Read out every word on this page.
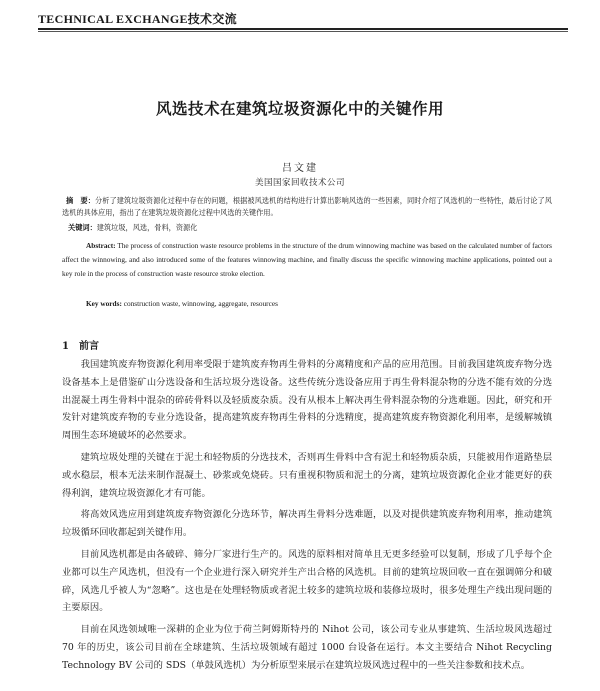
TECHNICAL EXCHANGE技术交流
风选技术在建筑垃圾资源化中的关键作用
吕文建
美国国家回收技术公司
摘　要：分析了建筑垃圾资源化过程中存在的问题，根据被风选机的结构进行计算出影响风选的一些因素，同时介绍了风选机的一些特性，最后讨论了风选机的具体应用，指出了在建筑垃圾资源化过程中风选的关键作用。
关键词：建筑垃圾，风选，骨料，资源化
Abstract: The process of construction waste resource problems in the structure of the drum winnowing machine was based on the calculated number of factors affect the winnowing, and also introduced some of the features winnowing machine, and finally discuss the specific winnowing machine applications, pointed out a key role in the process of construction waste resource stroke election.
Key words: construction waste, winnowing, aggregate, resources
1　前言

我国建筑废弃物资源化利用率受限于建筑废弃物再生骨料的分离精度和产品的应用范围。目前我国建筑废弃物分选设备基本上是借鉴矿山分选设备和生活垃圾分选设备。这些传统分选设备应用于再生骨料混杂物的分选不能有效的分选出混凝土再生骨料中混杂的碎砖骨料以及轻质废杂质。没有从根本上解决再生骨料混杂物的分选难题。因此，研究和开发针对建筑废弃物的专业分选设备，提高建筑废弃物再生骨料的分选精度，提高建筑废弃物资源化利用率，是缓解城镇周围生态环境破坏的必然要求。

建筑垃圾处理的关键在于泥土和轻物质的分选技术，否则再生骨料中含有泥土和轻物质杂质，只能被用作道路垫层或水稳层，根本无法来制作混凝土、砂浆或免烧砖。只有重视积物质和泥土的分离，建筑垃圾资源化企业才能更好的获得利润，建筑垃圾资源化才有可能。

将高效风选应用到建筑废弃物资源化分选环节，解决再生骨料分选难题，以及对提供建筑废弃物利用率，推动建筑垃圾循环回收都起到关键作用。

目前风选机都是由各破碎、筛分厂家进行生产的。风选的原料相对简单且无更多经验可以复制，形成了几乎每个企业都可以生产风选机，但没有一个企业进行深入研究并生产出合格的风选机。目前的建筑垃圾回收一直在强调筛分和破碎，风选几乎被人为“忽略”。这也是在处理轻物质或者泥土较多的建筑垃圾和装修垃圾时，很多处理生产线出现问题的主要原因。

目前在风选领域唯一深耕的企业为位于荷兰阿姆斯特丹的 Nihot 公司，该公司专业从事建筑、生活垃圾风选超过 70 年的历史，该公司目前在全球建筑、生活垃圾领域有超过 1000 台设备在运行。本文主要结合 Nihot Recycling Technology BV 公司的 SDS（单鼓风选机）为分析原型来展示在建筑垃圾风选过程中的一些关注参数和技术点。
